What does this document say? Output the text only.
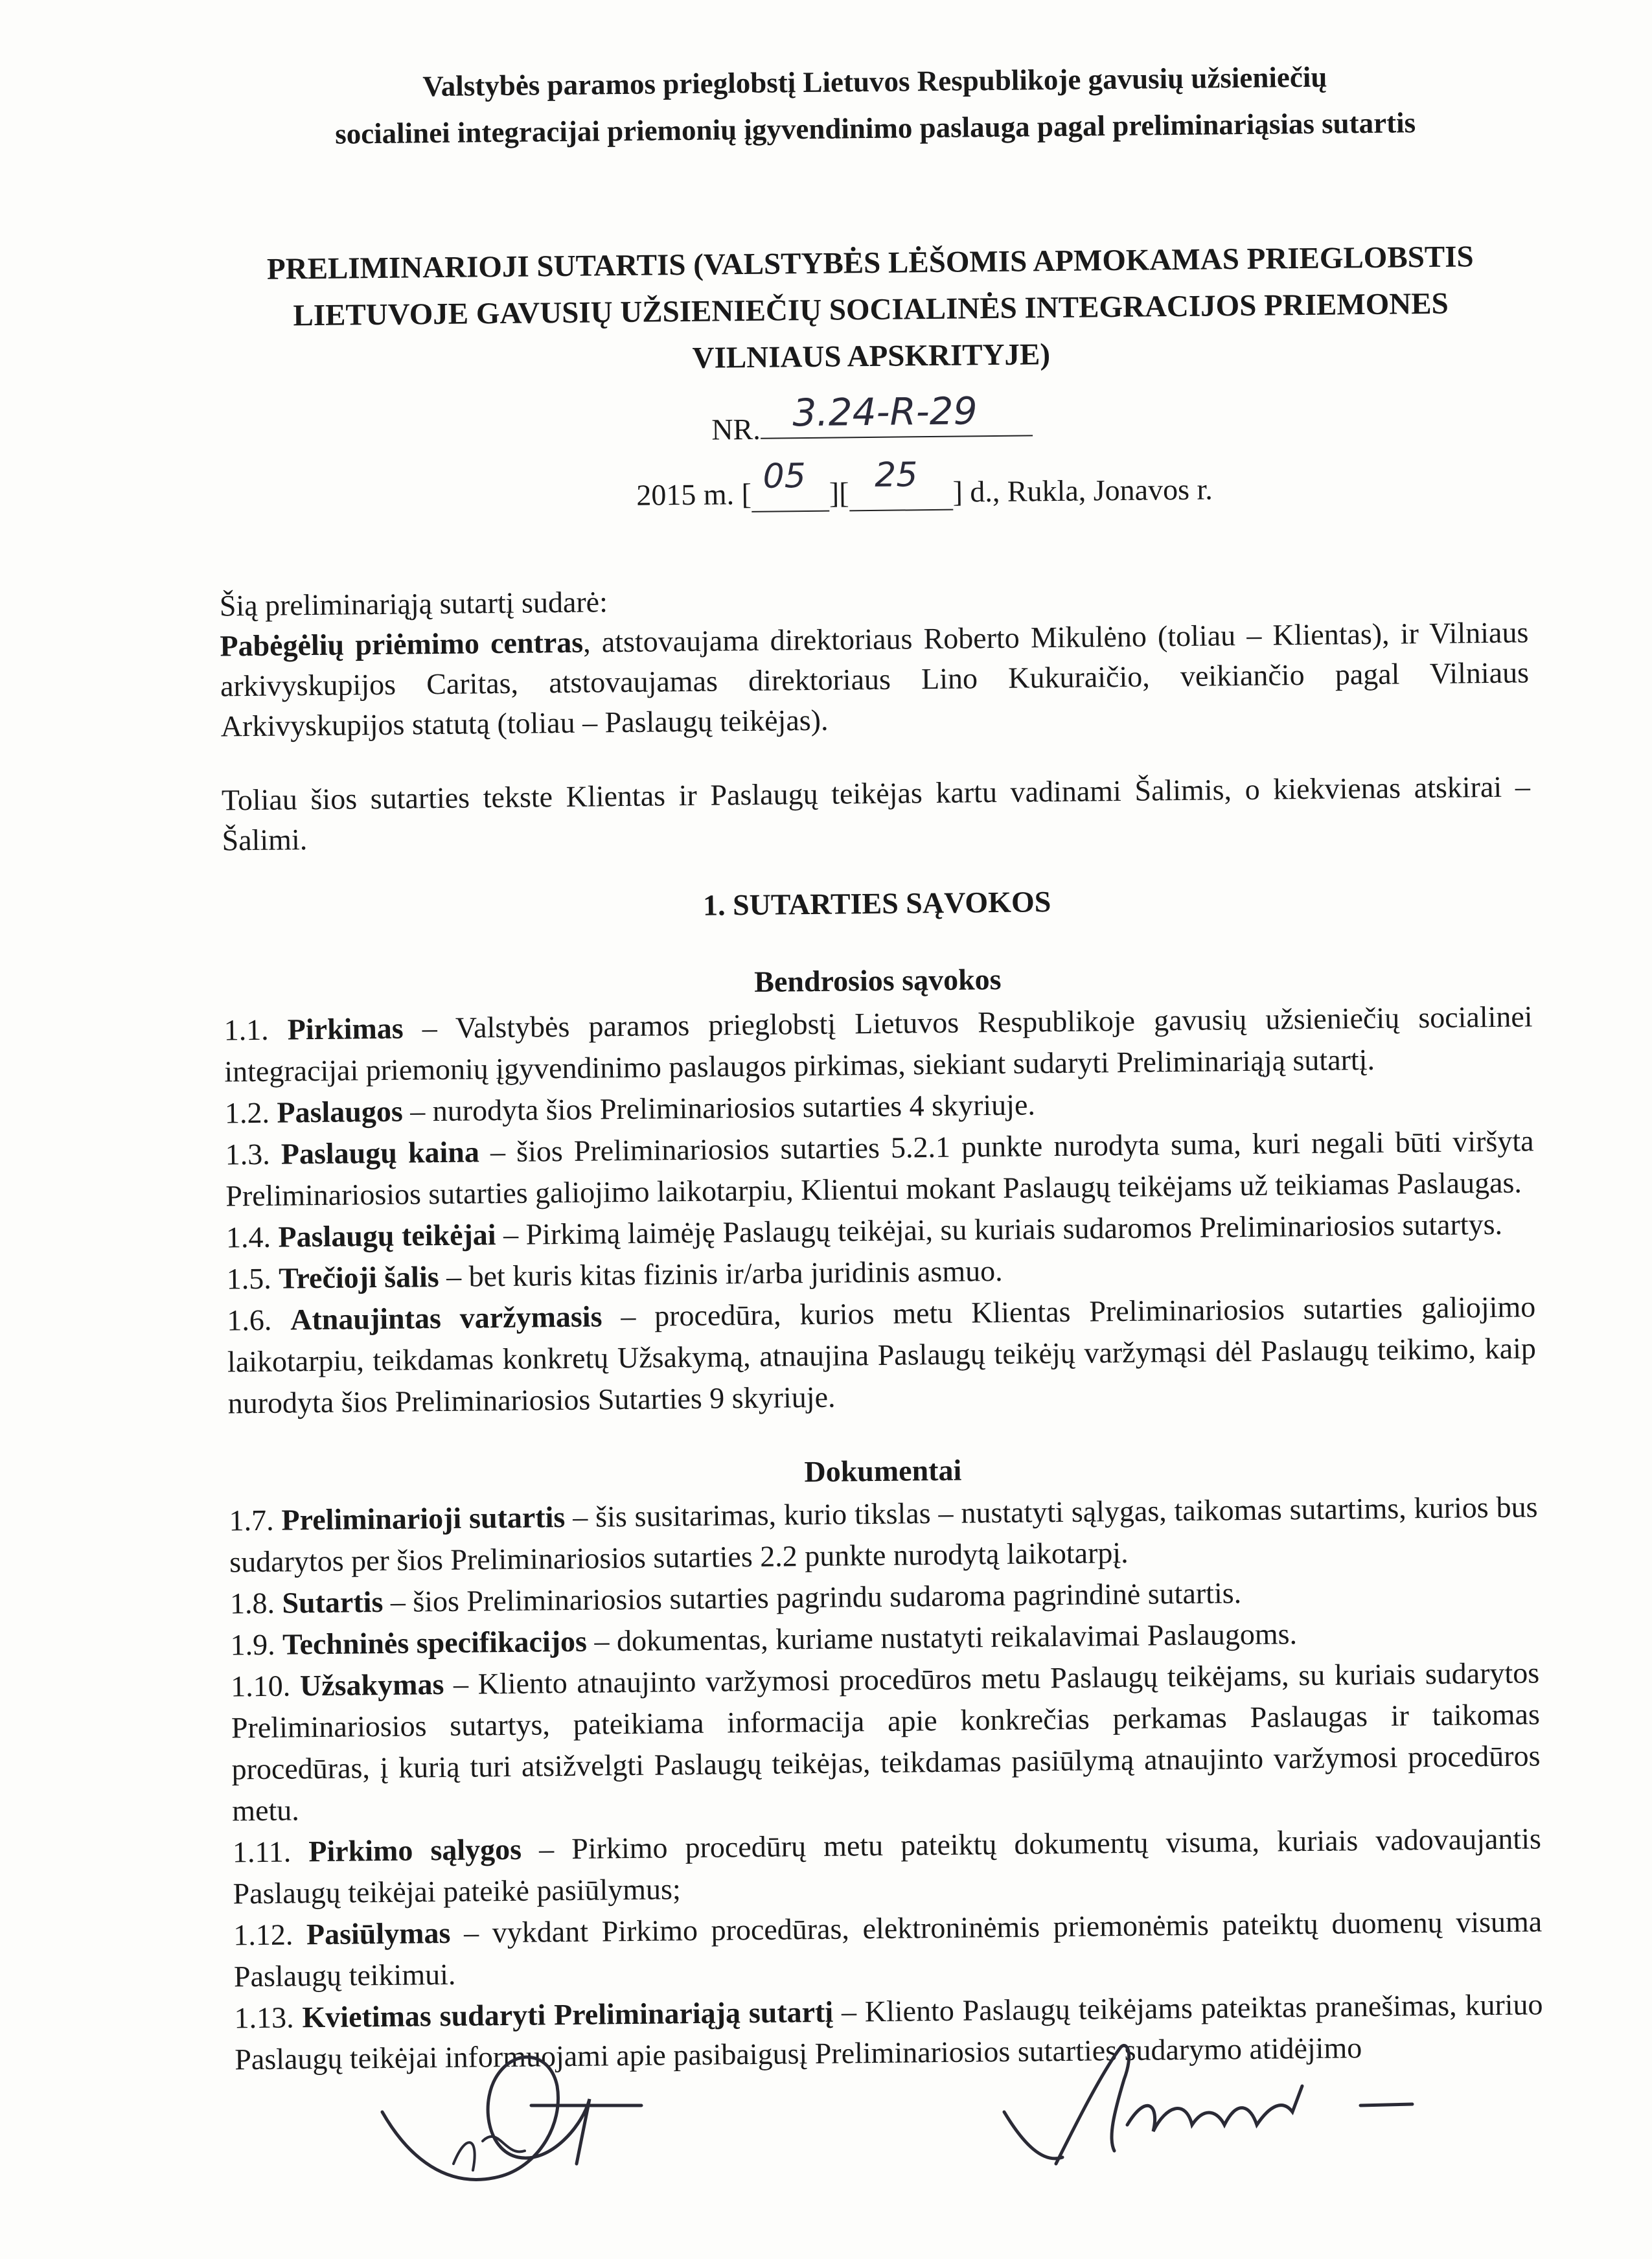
Valstybės paramos prieglobstį Lietuvos Respublikoje gavusių užsieniečių
socialinei integracijai priemonių įgyvendinimo paslauga pagal preliminariąsias sutartis
PRELIMINARIOJI SUTARTIS (VALSTYBĖS LĖŠOMIS APMOKAMAS PRIEGLOBSTIS
LIETUVOJE GAVUSIŲ UŽSIENIEČIŲ SOCIALINĖS INTEGRACIJOS PRIEMONES
VILNIAUS APSKRITYJE)
NR. 3.24-R-29
2015 m. [ 05 ][ 25 ] d., Rukla, Jonavos r.

Šią preliminariąją sutartį sudarė:

Pabėgėlių priėmimo centras, atstovaujama direktoriaus Roberto Mikulėno (toliau – Klientas), ir Vilniaus arkivyskupijos Caritas, atstovaujamas direktoriaus Lino Kukuraičio, veikiančio pagal Vilniaus Arkivyskupijos statutą (toliau – Paslaugų teikėjas).

Toliau šios sutarties tekste Klientas ir Paslaugų teikėjas kartu vadinami Šalimis, o kiekvienas atskirai – Šalimi.

1. SUTARTIES SĄVOKOS
Bendrosios sąvokos

1.1. Pirkimas – Valstybės paramos prieglobstį Lietuvos Respublikoje gavusių užsieniečių socialinei integracijai priemonių įgyvendinimo paslaugos pirkimas, siekiant sudaryti Preliminariąją sutartį.

1.2. Paslaugos – nurodyta šios Preliminariosios sutarties 4 skyriuje.

1.3. Paslaugų kaina – šios Preliminariosios sutarties 5.2.1 punkte nurodyta suma, kuri negali būti viršyta Preliminariosios sutarties galiojimo laikotarpiu, Klientui mokant Paslaugų teikėjams už teikiamas Paslaugas.

1.4. Paslaugų teikėjai – Pirkimą laimėję Paslaugų teikėjai, su kuriais sudaromos Preliminariosios sutartys.

1.5. Trečioji šalis – bet kuris kitas fizinis ir/arba juridinis asmuo.

1.6. Atnaujintas varžymasis – procedūra, kurios metu Klientas Preliminariosios sutarties galiojimo laikotarpiu, teikdamas konkretų Užsakymą, atnaujina Paslaugų teikėjų varžymąsi dėl Paslaugų teikimo, kaip nurodyta šios Preliminariosios Sutarties 9 skyriuje.

Dokumentai

1.7. Preliminarioji sutartis – šis susitarimas, kurio tikslas – nustatyti sąlygas, taikomas sutartims, kurios bus sudarytos per šios Preliminariosios sutarties 2.2 punkte nurodytą laikotarpį.

1.8. Sutartis – šios Preliminariosios sutarties pagrindu sudaroma pagrindinė sutartis.

1.9. Techninės specifikacijos – dokumentas, kuriame nustatyti reikalavimai Paslaugoms.

1.10. Užsakymas – Kliento atnaujinto varžymosi procedūros metu Paslaugų teikėjams, su kuriais sudarytos Preliminariosios sutartys, pateikiama informacija apie konkrečias perkamas Paslaugas ir taikomas procedūras, į kurią turi atsižvelgti Paslaugų teikėjas, teikdamas pasiūlymą atnaujinto varžymosi procedūros metu.

1.11. Pirkimo sąlygos – Pirkimo procedūrų metu pateiktų dokumentų visuma, kuriais vadovaujantis Paslaugų teikėjai pateikė pasiūlymus;

1.12. Pasiūlymas – vykdant Pirkimo procedūras, elektroninėmis priemonėmis pateiktų duomenų visuma Paslaugų teikimui.

1.13. Kvietimas sudaryti Preliminariąją sutartį – Kliento Paslaugų teikėjams pateiktas pranešimas, kuriuo Paslaugų teikėjai informuojami apie pasibaigusį Preliminariosios sutarties sudarymo atidėjimo
